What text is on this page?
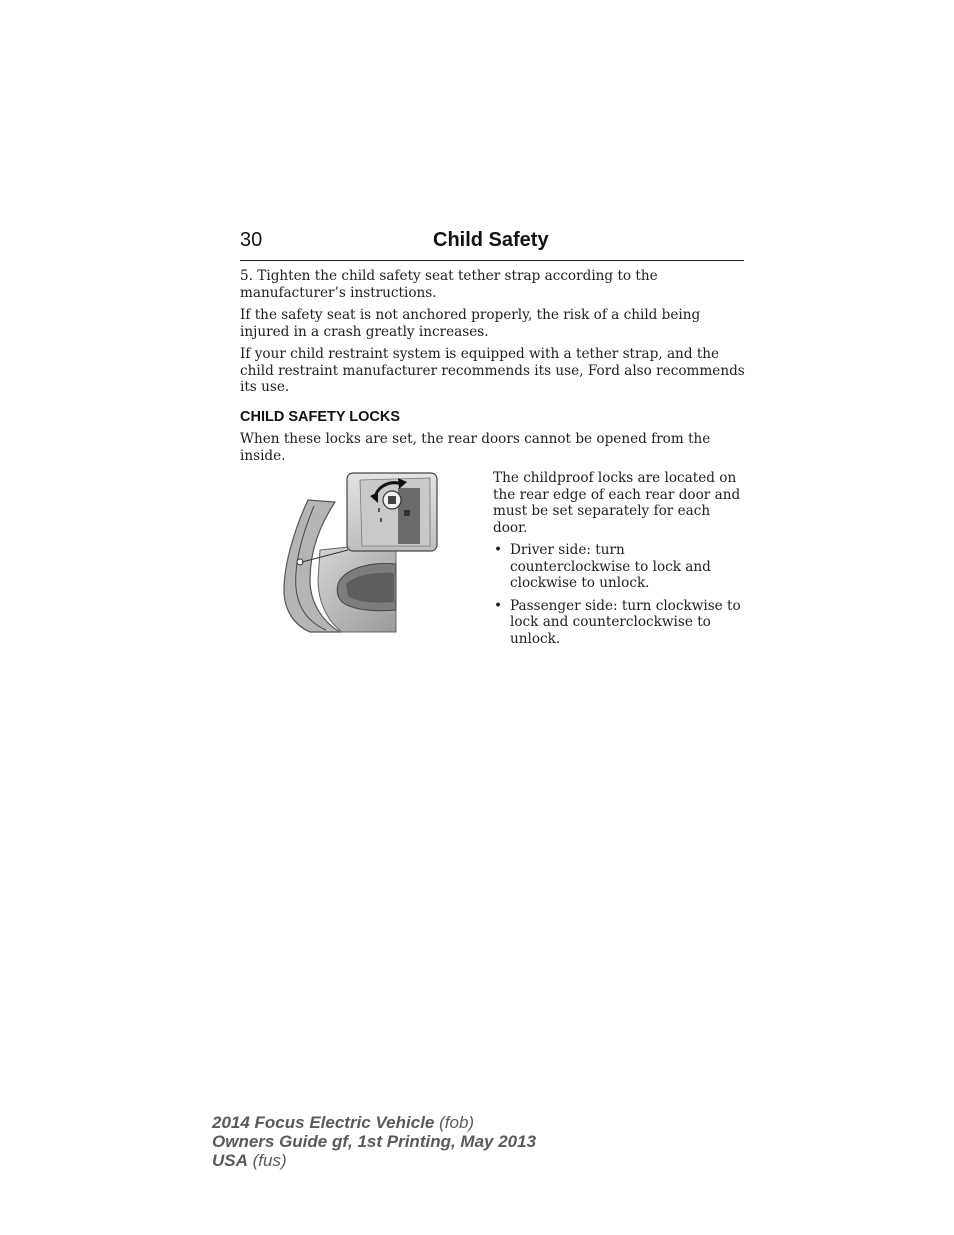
30	Child Safety

5. Tighten the child safety seat tether strap according to the manufacturer’s instructions.

If the safety seat is not anchored properly, the risk of a child being injured in a crash greatly increases.

If your child restraint system is equipped with a tether strap, and the child restraint manufacturer recommends its use, Ford also recommends its use.

CHILD SAFETY LOCKS

When these locks are set, the rear doors cannot be opened from the inside.

The childproof locks are located on the rear edge of each rear door and must be set separately for each door.

• Driver side: turn counterclockwise to lock and clockwise to unlock.
• Passenger side: turn clockwise to lock and counterclockwise to unlock.
2014 Focus Electric Vehicle (fob)
Owners Guide gf, 1st Printing, May 2013
USA (fus)
